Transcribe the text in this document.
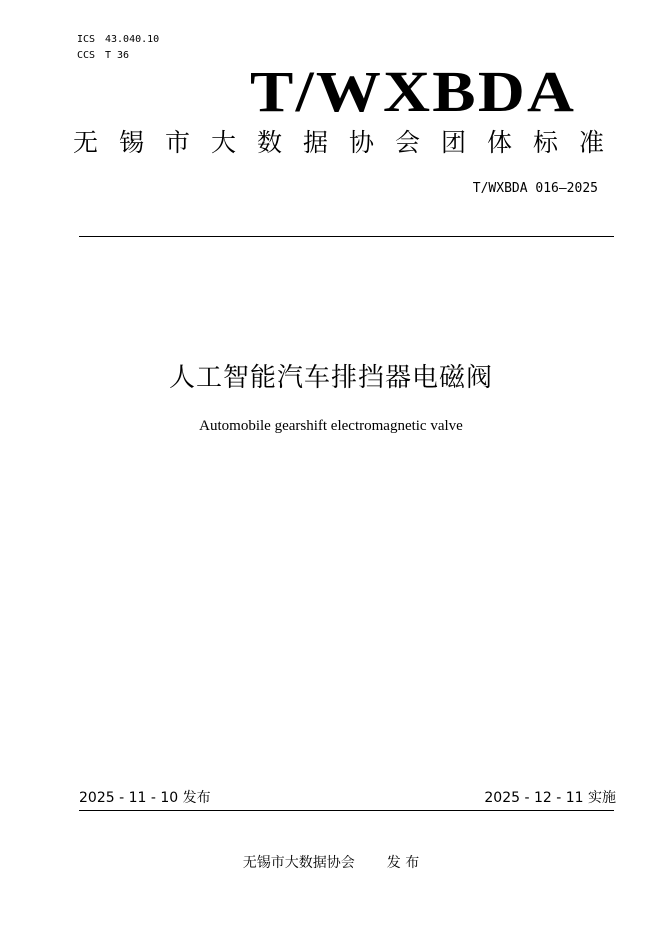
ICS 43.040.10
CCS T 36
T/WXBDA
无锡市大数据协会团体标准
T/WXBDA 016—2025
人工智能汽车排挡器电磁阀
Automobile gearshift electromagnetic valve
2025 - 11 - 10 发布	2025 - 12 - 11 实施
无锡市大数据协会 发 布
